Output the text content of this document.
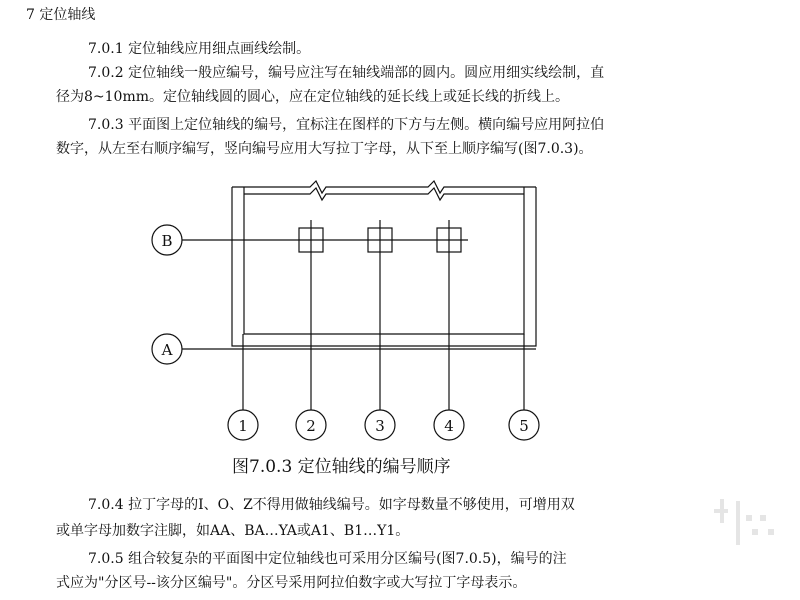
7 定位轴线
7.0.1 定位轴线应用细点画线绘制。
7.0.2 定位轴线一般应编号，编号应注写在轴线端部的圆内。圆应用细实线绘制，直
径为8~10mm。定位轴线圆的圆心，应在定位轴线的延长线上或延长线的折线上。
7.0.3 平面图上定位轴线的编号，宜标注在图样的下方与左侧。横向编号应用阿拉伯
数字，从左至右顺序编写，竖向编号应用大写拉丁字母，从下至上顺序编写(图7.0.3)。
B
A
1	2	3	4	5
图7.0.3 定位轴线的编号顺序
7.0.4 拉丁字母的I、O、Z不得用做轴线编号。如字母数量不够使用，可增用双
或单字母加数字注脚，如AA、BA…YA或A1、B1…Y1。
7.0.5 组合较复杂的平面图中定位轴线也可采用分区编号(图7.0.5)，编号的注
式应为"分区号--该分区编号"。分区号采用阿拉伯数字或大写拉丁字母表示。
